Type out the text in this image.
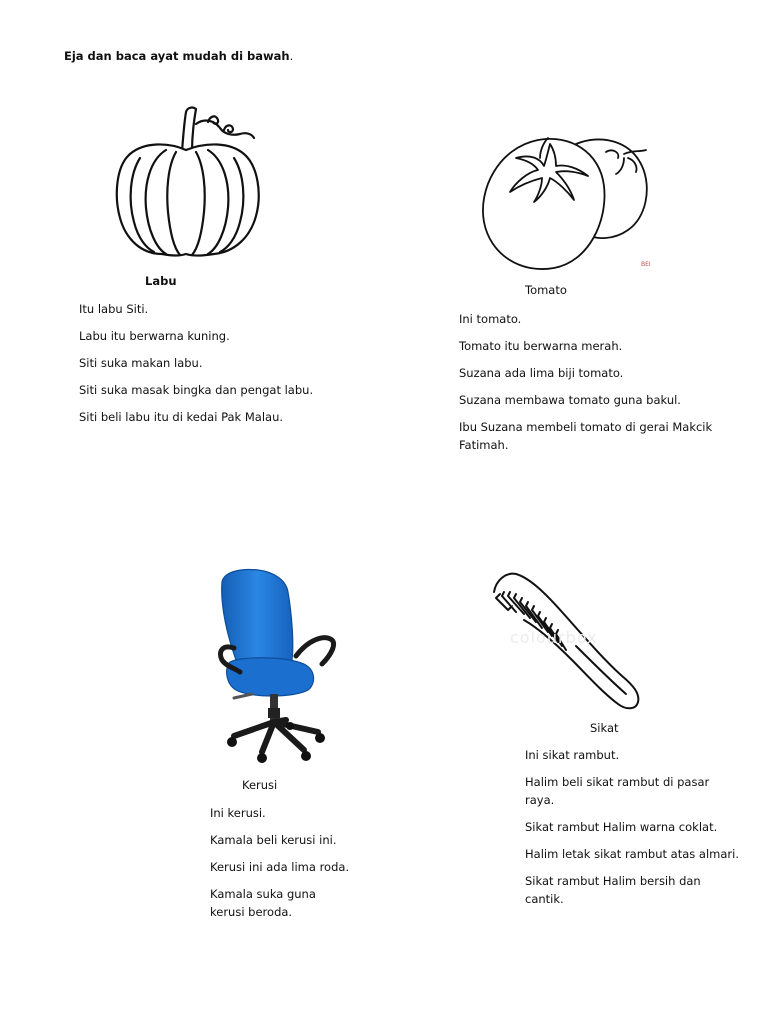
Eja dan baca ayat mudah di bawah.
Labu
Itu labu Siti.
Labu itu berwarna kuning.
Siti suka makan labu.
Siti suka masak bingka dan pengat labu.
Siti beli labu itu di kedai Pak Malau.
BEI
Tomato
Ini tomato.
Tomato itu berwarna merah.
Suzana ada lima biji tomato.
Suzana membawa tomato guna bakul.
Ibu Suzana membeli tomato di gerai Makcik Fatimah.
Kerusi
Ini kerusi.
Kamala beli kerusi ini.
Kerusi ini ada lima roda.
Kamala suka guna kerusi beroda.
colourbox
Sikat
Ini sikat rambut.
Halim beli sikat rambut di pasar raya.
Sikat rambut Halim warna coklat.
Halim letak sikat rambut atas almari.
Sikat rambut Halim bersih dan cantik.
